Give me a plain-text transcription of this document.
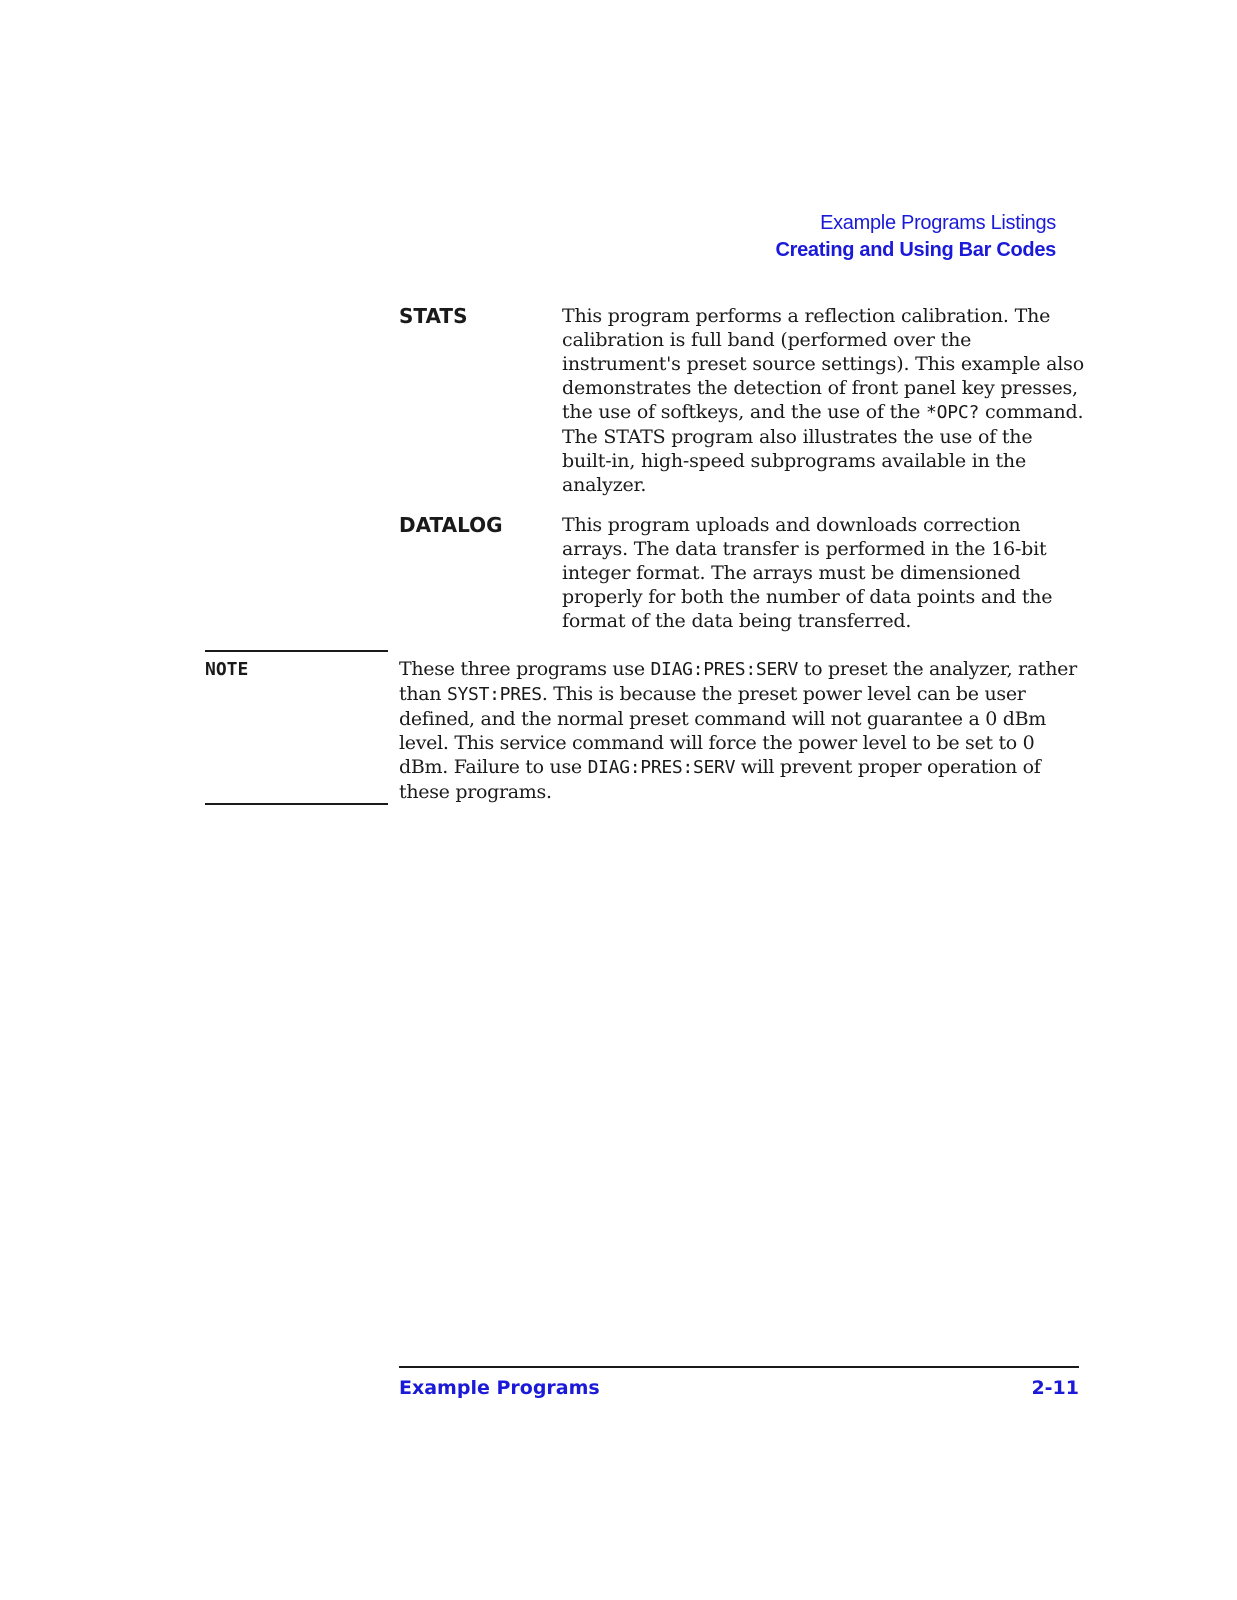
Example Programs Listings
Creating and Using Bar Codes
STATS	This program performs a reflection calibration. The calibration is full band (performed over the instrument's preset source settings). This example also demonstrates the detection of front panel key presses, the use of softkeys, and the use of the *OPC? command. The STATS program also illustrates the use of the built-in, high-speed subprograms available in the analyzer.
DATALOG	This program uploads and downloads correction arrays. The data transfer is performed in the 16-bit integer format. The arrays must be dimensioned properly for both the number of data points and the format of the data being transferred.
NOTE	These three programs use DIAG:PRES:SERV to preset the analyzer, rather than SYST:PRES. This is because the preset power level can be user defined, and the normal preset command will not guarantee a 0 dBm level. This service command will force the power level to be set to 0 dBm. Failure to use DIAG:PRES:SERV will prevent proper operation of these programs.
Example Programs	2-11
